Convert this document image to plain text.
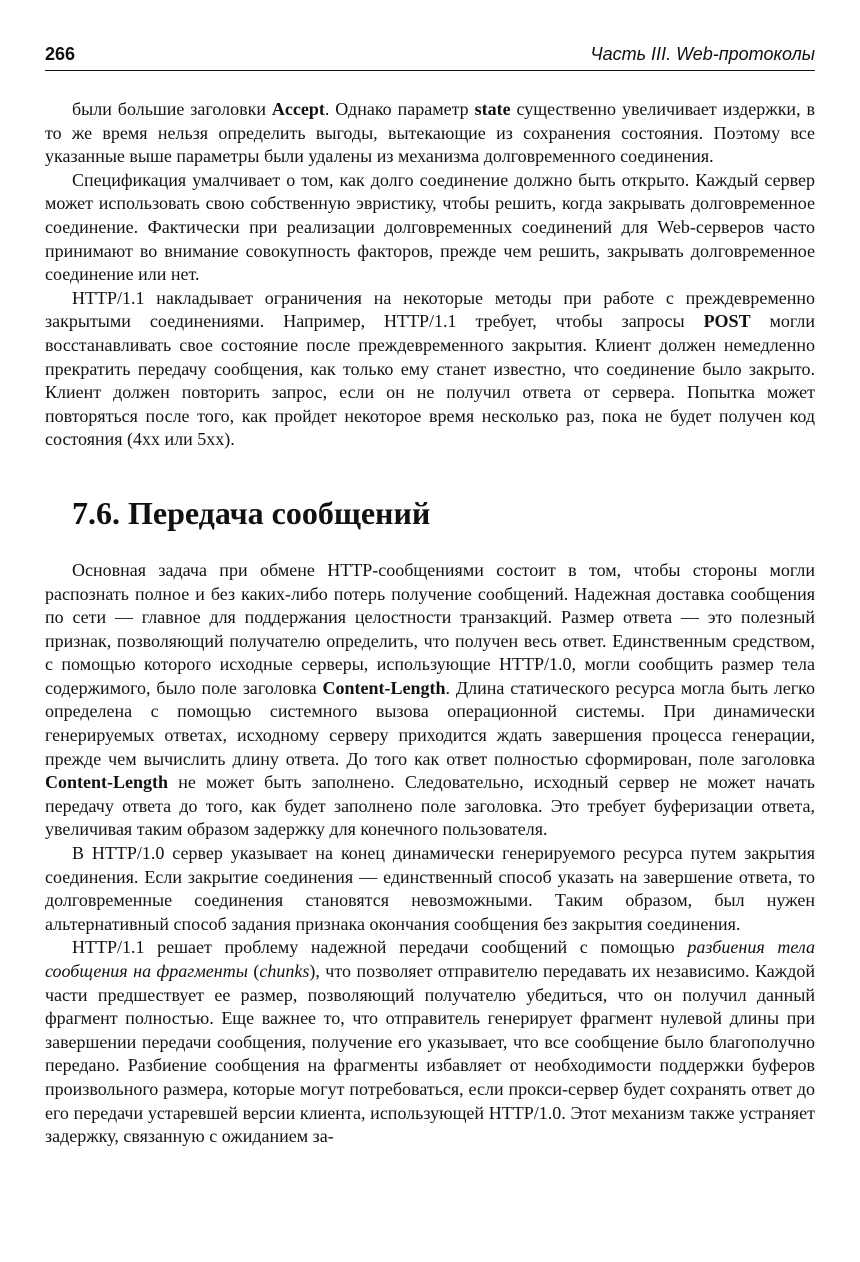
266	Часть III. Web-протоколы

были большие заголовки Accept. Однако параметр state существенно увеличивает издержки, в то же время нельзя определить выгоды, вытекающие из сохранения состояния. Поэтому все указанные выше параметры были удалены из механизма долговременного соединения.

Спецификация умалчивает о том, как долго соединение должно быть открыто. Каждый сервер может использовать свою собственную эвристику, чтобы решить, когда закрывать долговременное соединение. Фактически при реализации долговременных соединений для Web-серверов часто принимают во внимание совокупность факторов, прежде чем решить, закрывать долговременное соединение или нет.

HTTP/1.1 накладывает ограничения на некоторые методы при работе с преждевременно закрытыми соединениями. Например, HTTP/1.1 требует, чтобы запросы POST могли восстанавливать свое состояние после преждевременного закрытия. Клиент должен немедленно прекратить передачу сообщения, как только ему станет известно, что соединение было закрыто. Клиент должен повторить запрос, если он не получил ответа от сервера. Попытка может повторяться после того, как пройдет некоторое время несколько раз, пока не будет получен код состояния (4xx или 5xx).

7.6. Передача сообщений

Основная задача при обмене HTTP-сообщениями состоит в том, чтобы стороны могли распознать полное и без каких-либо потерь получение сообщений. Надежная доставка сообщения по сети — главное для поддержания целостности транзакций. Размер ответа — это полезный признак, позволяющий получателю определить, что получен весь ответ. Единственным средством, с помощью которого исходные серверы, использующие HTTP/1.0, могли сообщить размер тела содержимого, было поле заголовка Content-Length. Длина статического ресурса могла быть легко определена с помощью системного вызова операционной системы. При динамически генерируемых ответах, исходному серверу приходится ждать завершения процесса генерации, прежде чем вычислить длину ответа. До того как ответ полностью сформирован, поле заголовка Content-Length не может быть заполнено. Следовательно, исходный сервер не может начать передачу ответа до того, как будет заполнено поле заголовка. Это требует буферизации ответа, увеличивая таким образом задержку для конечного пользователя.

В HTTP/1.0 сервер указывает на конец динамически генерируемого ресурса путем закрытия соединения. Если закрытие соединения — единственный способ указать на завершение ответа, то долговременные соединения становятся невозможными. Таким образом, был нужен альтернативный способ задания признака окончания сообщения без закрытия соединения.

HTTP/1.1 решает проблему надежной передачи сообщений с помощью разбиения тела сообщения на фрагменты (chunks), что позволяет отправителю передавать их независимо. Каждой части предшествует ее размер, позволяющий получателю убедиться, что он получил данный фрагмент полностью. Еще важнее то, что отправитель генерирует фрагмент нулевой длины при завершении передачи сообщения, получение его указывает, что все сообщение было благополучно передано. Разбиение сообщения на фрагменты избавляет от необходимости поддержки буферов произвольного размера, которые могут потребоваться, если прокси-сервер будет сохранять ответ до его передачи устаревшей версии клиента, использующей HTTP/1.0. Этот механизм также устраняет задержку, связанную с ожиданием за-
